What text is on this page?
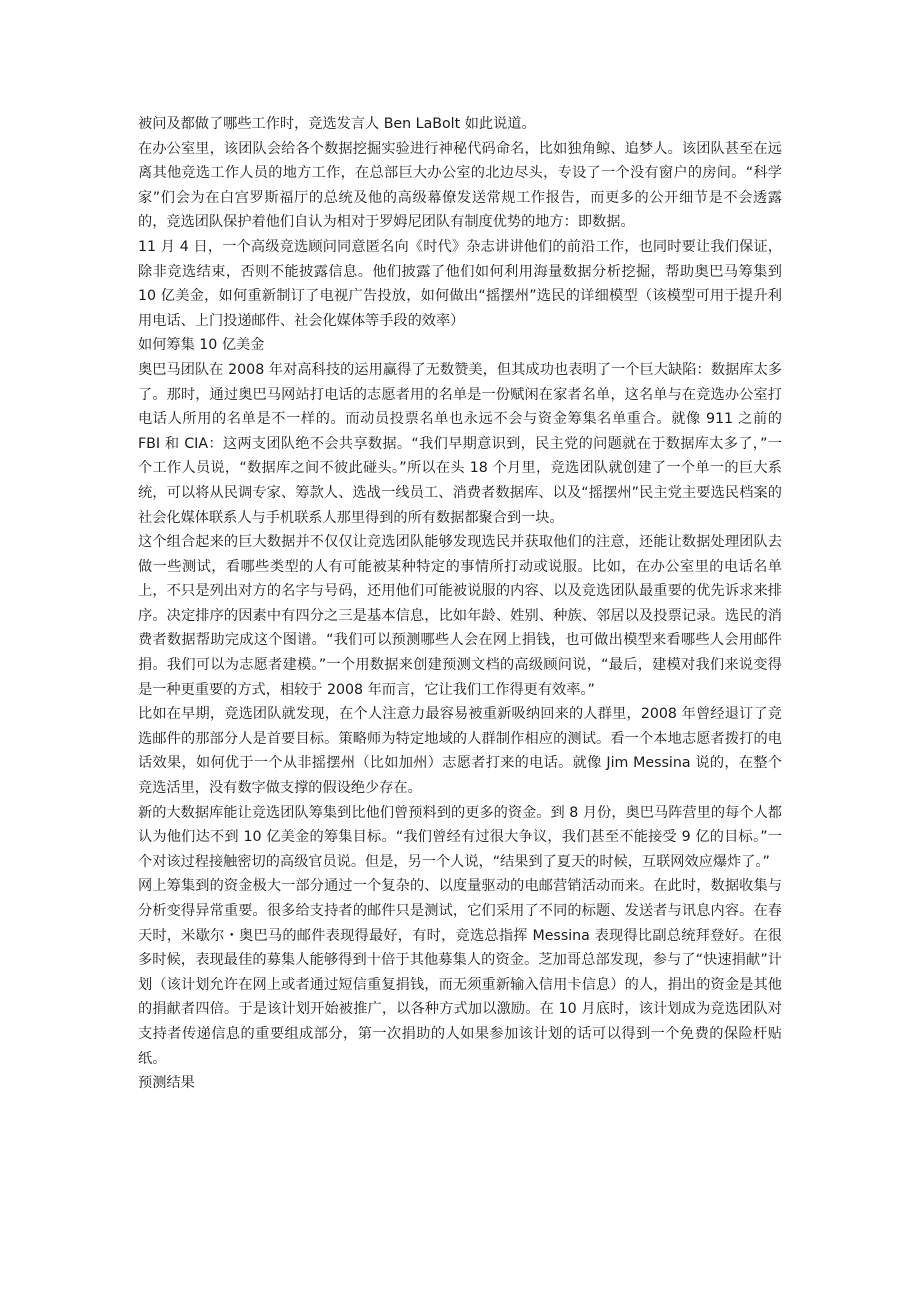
被问及都做了哪些工作时，竞选发言人 Ben LaBolt 如此说道。

在办公室里，该团队会给各个数据挖掘实验进行神秘代码命名，比如独角鲸、追梦人。该团队甚至在远离其他竞选工作人员的地方工作，在总部巨大办公室的北边尽头，专设了一个没有窗户的房间。“科学家”们会为在白宫罗斯福厅的总统及他的高级幕僚发送常规工作报告，而更多的公开细节是不会透露的，竞选团队保护着他们自认为相对于罗姆尼团队有制度优势的地方：即数据。

11 月 4 日，一个高级竞选顾问同意匿名向《时代》杂志讲讲他们的前沿工作，也同时要让我们保证，除非竞选结束，否则不能披露信息。他们披露了他们如何利用海量数据分析挖掘，帮助奥巴马筹集到 10 亿美金，如何重新制订了电视广告投放，如何做出“摇摆州”选民的详细模型（该模型可用于提升利用电话、上门投递邮件、社会化媒体等手段的效率）

如何筹集 10 亿美金

奥巴马团队在 2008 年对高科技的运用赢得了无数赞美，但其成功也表明了一个巨大缺陷：数据库太多了。那时，通过奥巴马网站打电话的志愿者用的名单是一份赋闲在家者名单，这名单与在竞选办公室打电话人所用的名单是不一样的。而动员投票名单也永远不会与资金筹集名单重合。就像 911 之前的 FBI 和 CIA：这两支团队绝不会共享数据。“我们早期意识到，民主党的问题就在于数据库太多了，”一个工作人员说，“数据库之间不彼此碰头。”所以在头 18 个月里，竞选团队就创建了一个单一的巨大系统，可以将从民调专家、筹款人、选战一线员工、消费者数据库、以及“摇摆州”民主党主要选民档案的社会化媒体联系人与手机联系人那里得到的所有数据都聚合到一块。

这个组合起来的巨大数据并不仅仅让竞选团队能够发现选民并获取他们的注意，还能让数据处理团队去做一些测试，看哪些类型的人有可能被某种特定的事情所打动或说服。比如，在办公室里的电话名单上，不只是列出对方的名字与号码，还用他们可能被说服的内容、以及竞选团队最重要的优先诉求来排序。决定排序的因素中有四分之三是基本信息，比如年龄、姓别、种族、邻居以及投票记录。选民的消费者数据帮助完成这个图谱。“我们可以预测哪些人会在网上捐钱，也可做出模型来看哪些人会用邮件捐。我们可以为志愿者建模。”一个用数据来创建预测文档的高级顾问说，“最后，建模对我们来说变得是一种更重要的方式，相较于 2008 年而言，它让我们工作得更有效率。”

比如在早期，竞选团队就发现，在个人注意力最容易被重新吸纳回来的人群里，2008 年曾经退订了竞选邮件的那部分人是首要目标。策略师为特定地域的人群制作相应的测试。看一个本地志愿者拨打的电话效果，如何优于一个从非摇摆州（比如加州）志愿者打来的电话。就像 Jim Messina 说的，在整个竞选活里，没有数字做支撑的假设绝少存在。

新的大数据库能让竞选团队筹集到比他们曾预料到的更多的资金。到 8 月份，奥巴马阵营里的每个人都认为他们达不到 10 亿美金的筹集目标。“我们曾经有过很大争议，我们甚至不能接受 9 亿的目标。”一个对该过程接触密切的高级官员说。但是，另一个人说，“结果到了夏天的时候，互联网效应爆炸了。”

网上筹集到的资金极大一部分通过一个复杂的、以度量驱动的电邮营销活动而来。在此时，数据收集与分析变得异常重要。很多给支持者的邮件只是测试，它们采用了不同的标题、发送者与讯息内容。在春天时，米歇尔・奥巴马的邮件表现得最好，有时，竞选总指挥 Messina 表现得比副总统拜登好。在很多时候，表现最佳的募集人能够得到十倍于其他募集人的资金。芝加哥总部发现，参与了“快速捐献”计划（该计划允许在网上或者通过短信重复捐钱，而无须重新输入信用卡信息）的人，捐出的资金是其他的捐献者四倍。于是该计划开始被推广，以各种方式加以激励。在 10 月底时，该计划成为竞选团队对支持者传递信息的重要组成部分，第一次捐助的人如果参加该计划的话可以得到一个免费的保险杆贴纸。

预测结果
